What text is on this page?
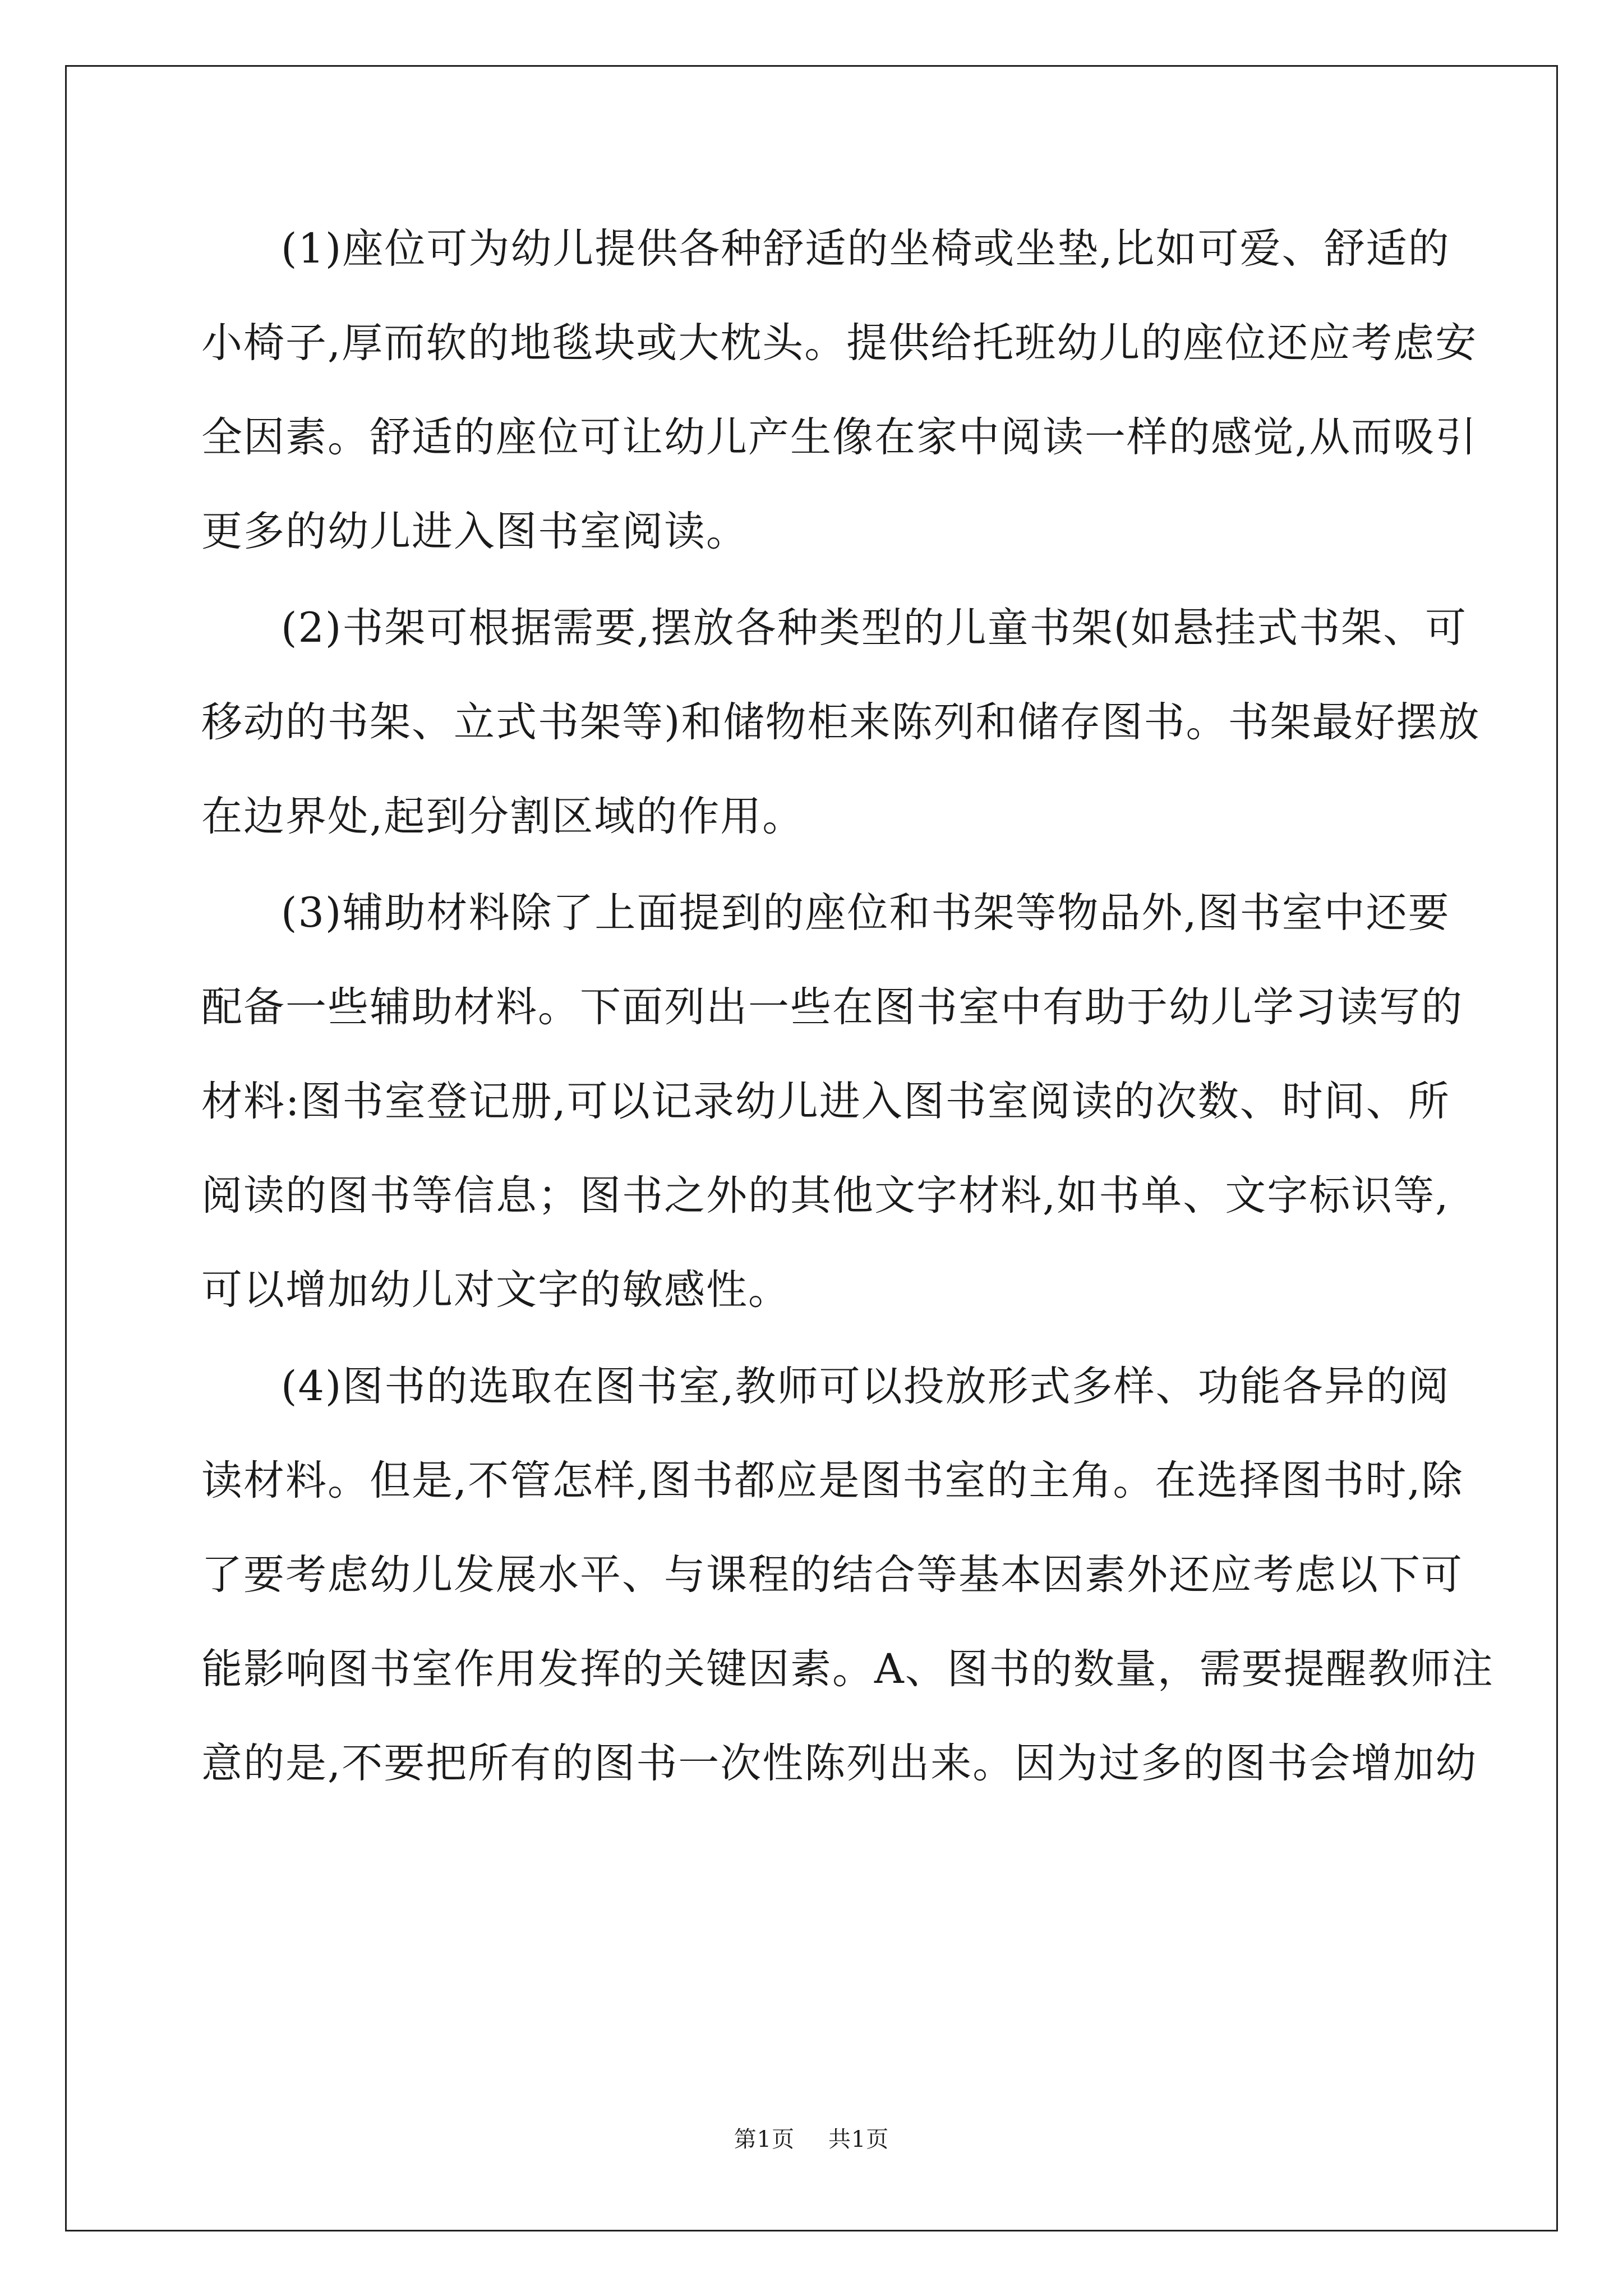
(1)座位可为幼儿提供各种舒适的坐椅或坐垫,比如可爱、舒适的
小椅子,厚而软的地毯块或大枕头。提供给托班幼儿的座位还应考虑安
全因素。舒适的座位可让幼儿产生像在家中阅读一样的感觉,从而吸引
更多的幼儿进入图书室阅读。
(2)书架可根据需要,摆放各种类型的儿童书架(如悬挂式书架、可
移动的书架、立式书架等)和储物柜来陈列和储存图书。书架最好摆放
在边界处,起到分割区域的作用。
(3)辅助材料除了上面提到的座位和书架等物品外,图书室中还要
配备一些辅助材料。下面列出一些在图书室中有助于幼儿学习读写的
材料:图书室登记册,可以记录幼儿进入图书室阅读的次数、时间、所
阅读的图书等信息；图书之外的其他文字材料,如书单、文字标识等,
可以增加幼儿对文字的敏感性。
(4)图书的选取在图书室,教师可以投放形式多样、功能各异的阅
读材料。但是,不管怎样,图书都应是图书室的主角。在选择图书时,除
了要考虑幼儿发展水平、与课程的结合等基本因素外还应考虑以下可
能影响图书室作用发挥的关键因素。A、图书的数量，需要提醒教师注
意的是,不要把所有的图书一次性陈列出来。因为过多的图书会增加幼
第1页 共1页
